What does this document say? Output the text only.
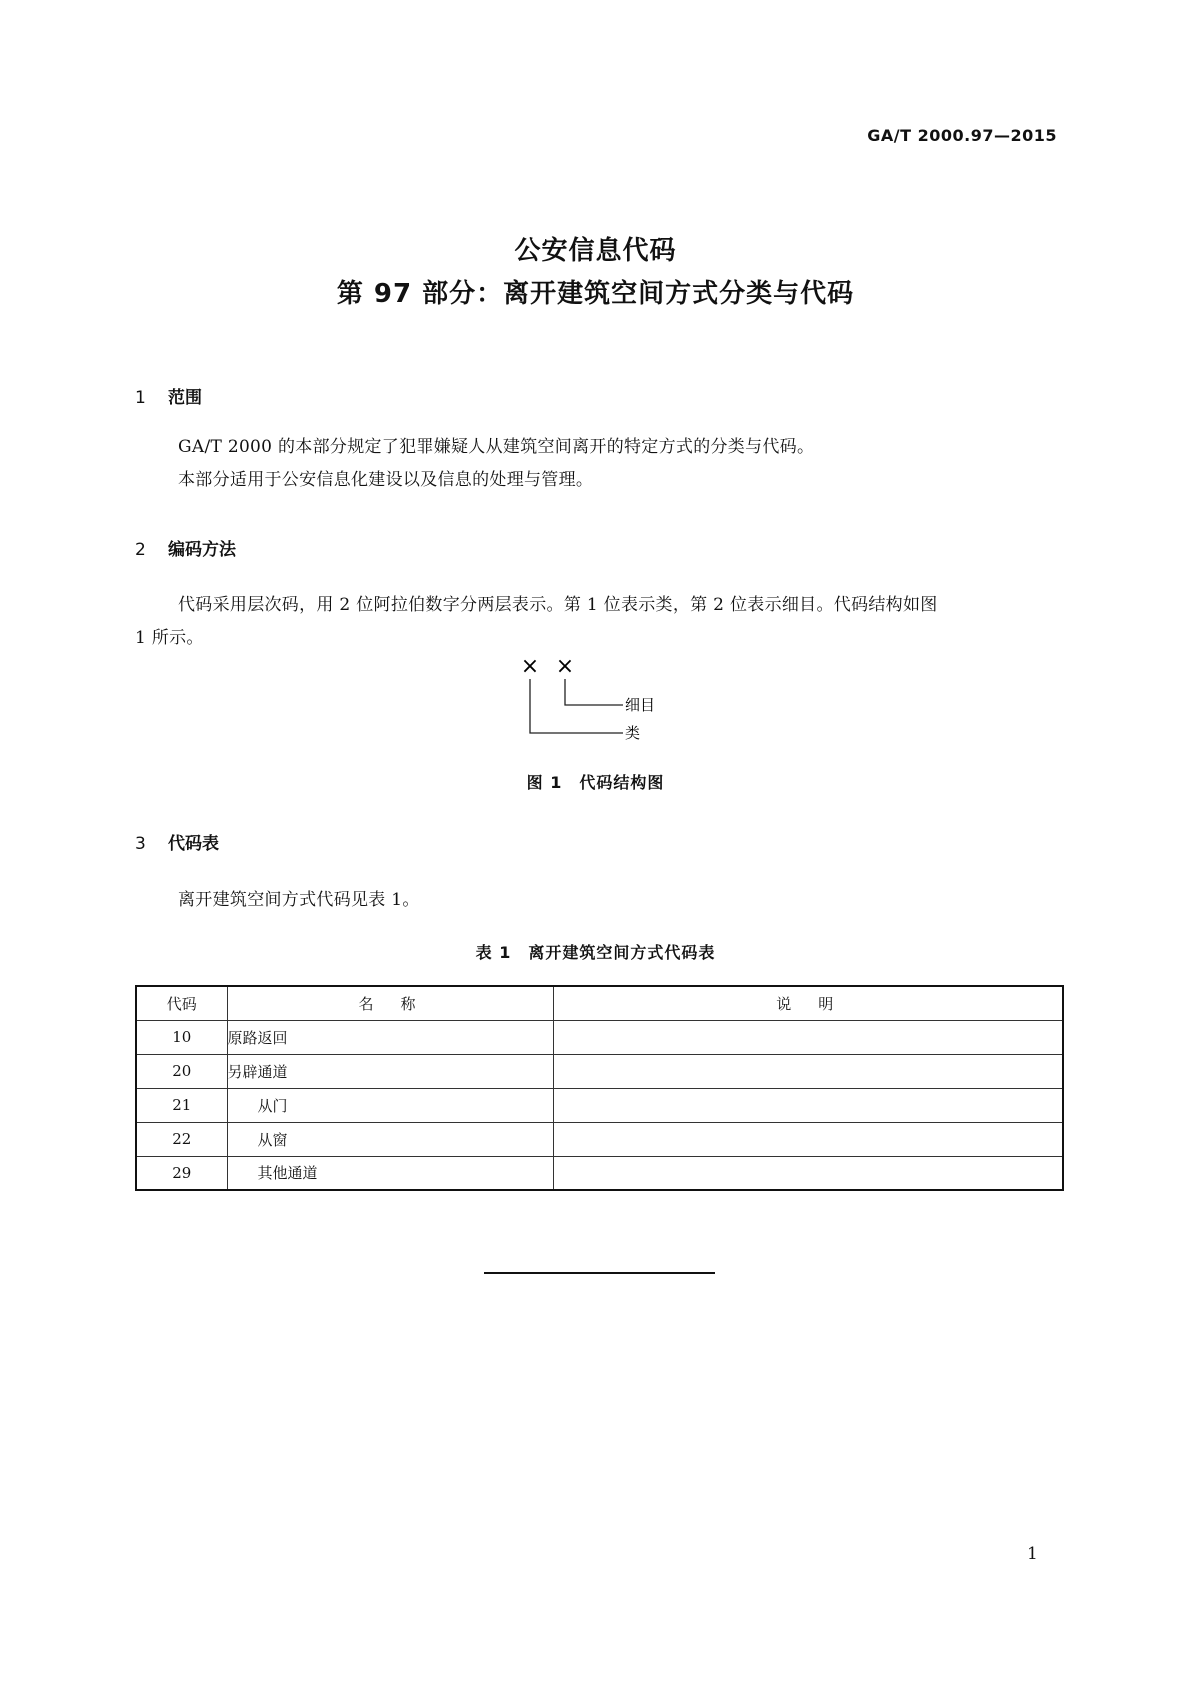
GA/T 2000.97—2015
公安信息代码
第 97 部分：离开建筑空间方式分类与代码
1 范围
GA/T 2000 的本部分规定了犯罪嫌疑人从建筑空间离开的特定方式的分类与代码。
本部分适用于公安信息化建设以及信息的处理与管理。
2 编码方法
代码采用层次码，用 2 位阿拉伯数字分两层表示。第 1 位表示类，第 2 位表示细目。代码结构如图
1 所示。
× ×
细目
类
图 1　代码结构图
3 代码表
离开建筑空间方式代码见表 1。
表 1　离开建筑空间方式代码表
代码	名　称	说　明
10	原路返回	
20	另辟通道	
21	从门	
22	从窗	
29	其他通道	
1
